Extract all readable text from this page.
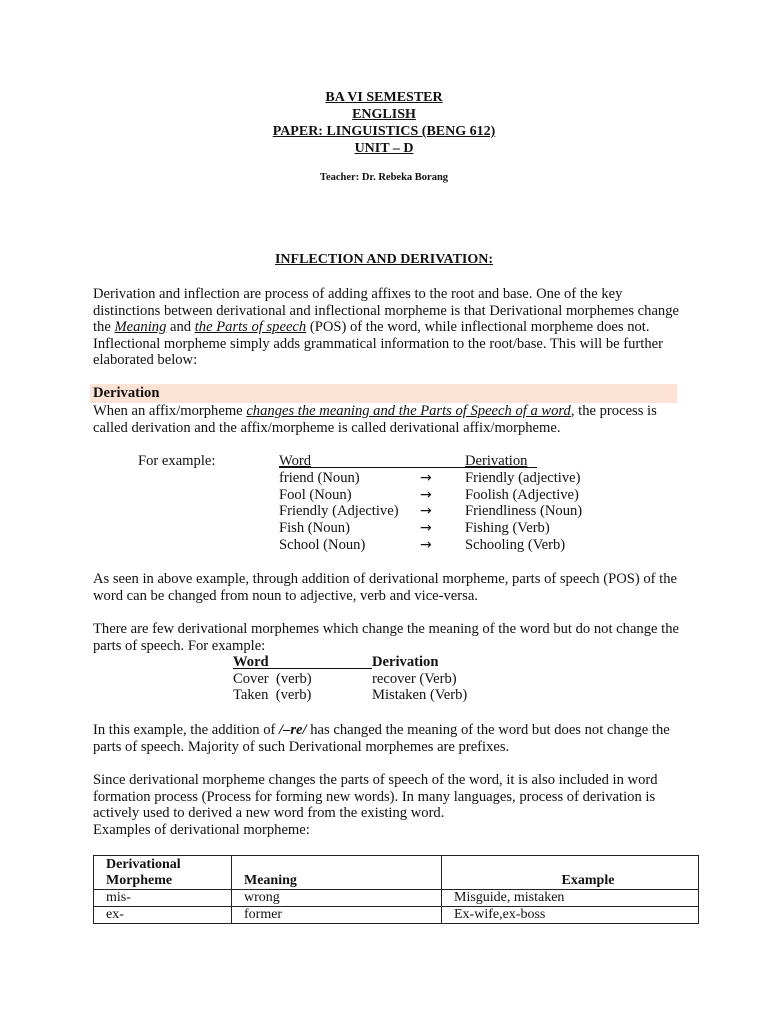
BA VI SEMESTER
ENGLISH
PAPER: LINGUISTICS (BENG 612)
UNIT – D
Teacher: Dr. Rebeka Borang
INFLECTION AND DERIVATION:

Derivation and inflection are process of adding affixes to the root and base. One of the key distinctions between derivational and inflectional morpheme is that Derivational morphemes change the Meaning and the Parts of speech (POS) of the word, while inflectional morpheme does not. Inflectional morpheme simply adds grammatical information to the root/base. This will be further elaborated below:

Derivation

When an affix/morpheme changes the meaning and the Parts of Speech of a word, the process is called derivation and the affix/morpheme is called derivational affix/morpheme.

For example:	Word	Derivation
friend (Noun)	→ Friendly (adjective)
Fool (Noun)	→ Foolish (Adjective)
Friendly (Adjective) → Friendliness (Noun)
Fish (Noun)	→ Fishing (Verb)
School (Noun)	→ Schooling (Verb)

As seen in above example, through addition of derivational morpheme, parts of speech (POS) of the word can be changed from noun to adjective, verb and vice-versa.

There are few derivational morphemes which change the meaning of the word but do not change the parts of speech. For example:

Word	Derivation
Cover  (verb)	recover (Verb)
Taken  (verb)	Mistaken (Verb)

In this example, the addition of /–re/ has changed the meaning of the word but does not change the parts of speech. Majority of such Derivational morphemes are prefixes.

Since derivational morpheme changes the parts of speech of the word, it is also included in word formation process (Process for forming new words). In many languages, process of derivation is actively used to derived a new word from the existing word.

Examples of derivational morpheme:

Derivational Morpheme	Meaning	Example
mis-	wrong	Misguide, mistaken
ex-	former	Ex-wife,ex-boss
